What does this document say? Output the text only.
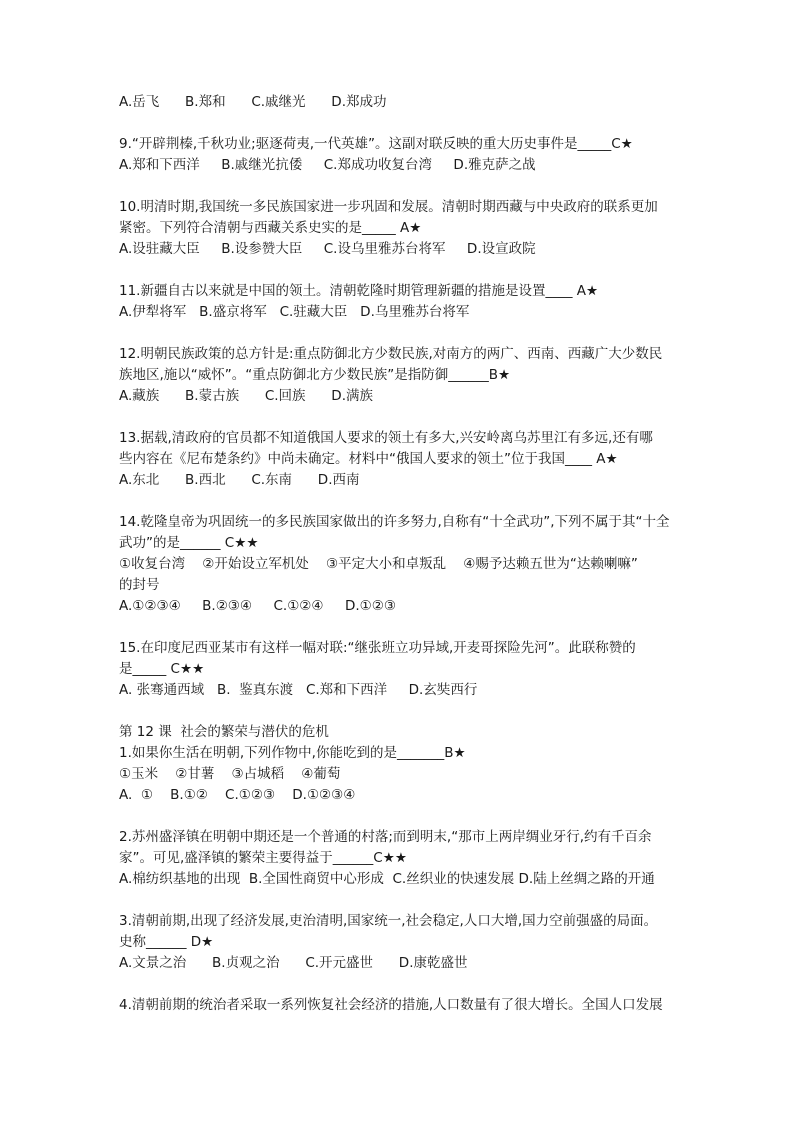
A.岳飞      B.郑和      C.戚继光      D.郑成功
9.“开辟荆榛,千秋功业;驱逐荷夷,一代英雄”。这副对联反映的重大历史事件是_____C★
A.郑和下西洋     B.戚继光抗倭     C.郑成功收复台湾     D.雅克萨之战
10.明清时期,我国统一多民族国家进一步巩固和发展。清朝时期西藏与中央政府的联系更加
紧密。下列符合清朝与西藏关系史实的是_____ A★
A.设驻藏大臣     B.设参赞大臣     C.设乌里雅苏台将军     D.设宣政院
11.新疆自古以来就是中国的领土。清朝乾隆时期管理新疆的措施是设置____ A★
A.伊犁将军   B.盛京将军   C.驻藏大臣   D.乌里雅苏台将军
12.明朝民族政策的总方针是:重点防御北方少数民族,对南方的两广、西南、西藏广大少数民
族地区,施以“威怀”。“重点防御北方少数民族”是指防御______B★
A.藏族      B.蒙古族      C.回族      D.满族
13.据载,清政府的官员都不知道俄国人要求的领土有多大,兴安岭离乌苏里江有多远,还有哪
些内容在《尼布楚条约》中尚未确定。材料中“俄国人要求的领土”位于我国____ A★
A.东北      B.西北      C.东南      D.西南
14.乾隆皇帝为巩固统一的多民族国家做出的许多努力,自称有“十全武功”,下列不属于其“十全
武功”的是______ C★★
①收复台湾    ②开始设立军机处    ③平定大小和卓叛乱    ④赐予达赖五世为“达赖喇嘛”
的封号
A.①②③④     B.②③④     C.①②④     D.①②③
15.在印度尼西亚某市有这样一幅对联:“继张班立功异域,开麦哥探险先河”。此联称赞的
是_____ C★★
A. 张骞通西域   B.  鉴真东渡   C.郑和下西洋     D.玄奘西行
第 12 课  社会的繁荣与潜伏的危机
1.如果你生活在明朝,下列作物中,你能吃到的是_______B★
①玉米    ②甘薯    ③占城稻    ④葡萄
A.  ①    B.①②    C.①②③    D.①②③④
2.苏州盛泽镇在明朝中期还是一个普通的村落;而到明末,“那市上两岸绸业牙行,约有千百余
家”。可见,盛泽镇的繁荣主要得益于______C★★
A.棉纺织基地的出现  B.全国性商贸中心形成  C.丝织业的快速发展 D.陆上丝绸之路的开通
3.清朝前期,出现了经济发展,吏治清明,国家统一,社会稳定,人口大增,国力空前强盛的局面。
史称______ D★
A.文景之治      B.贞观之治      C.开元盛世      D.康乾盛世
4.清朝前期的统治者采取一系列恢复社会经济的措施,人口数量有了很大增长。全国人口发展
